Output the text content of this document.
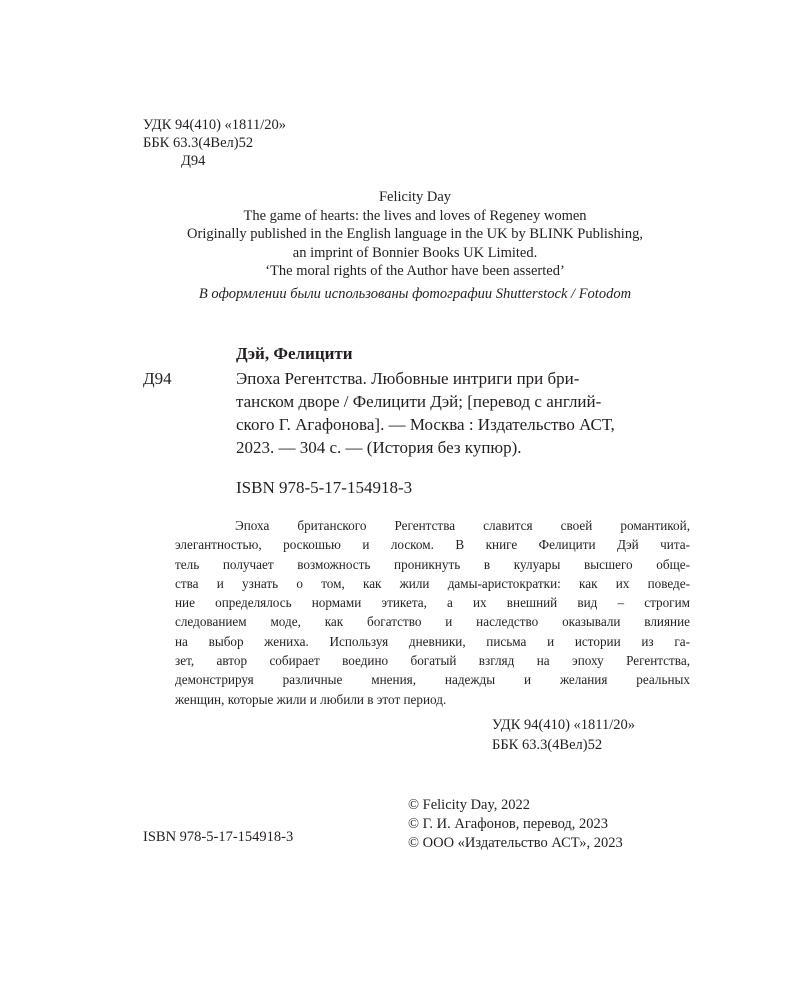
УДК 94(410) «1811/20»
ББК 63.3(4Вел)52
Д94
Felicity Day
The game of hearts: the lives and loves of Regeney women
Originally published in the English language in the UK by BLINK Publishing,
an imprint of Bonnier Books UK Limited.
‘The moral rights of the Author have been asserted’
В оформлении были использованы фотографии Shutterstock / Fotodom
Дэй, Фелицити
Д94	Эпоха Регентства. Любовные интриги при бри-
танском дворе / Фелицити Дэй; [перевод с англий-
ского Г. Агафонова]. — Москва : Издательство АСТ,
2023. — 304 с. — (История без купюр).
ISBN 978-5-17-154918-3
Эпоха британского Регентства славится своей романтикой,
элегантностью, роскошью и лоском. В книге Фелицити Дэй чита-
тель получает возможность проникнуть в кулуары высшего обще-
ства и узнать о том, как жили дамы-аристократки: как их поведе-
ние определялось нормами этикета, а их внешний вид – строгим
следованием моде, как богатство и наследство оказывали влияние
на выбор жениха. Используя дневники, письма и истории из га-
зет, автор собирает воедино богатый взгляд на эпоху Регентства,
демонстрируя различные мнения, надежды и желания реальных
женщин, которые жили и любили в этот период.
УДК 94(410) «1811/20»
ББК 63.3(4Вел)52
ISBN 978-5-17-154918-3
© Felicity Day, 2022
© Г. И. Агафонов, перевод, 2023
© ООО «Издательство АСТ», 2023
